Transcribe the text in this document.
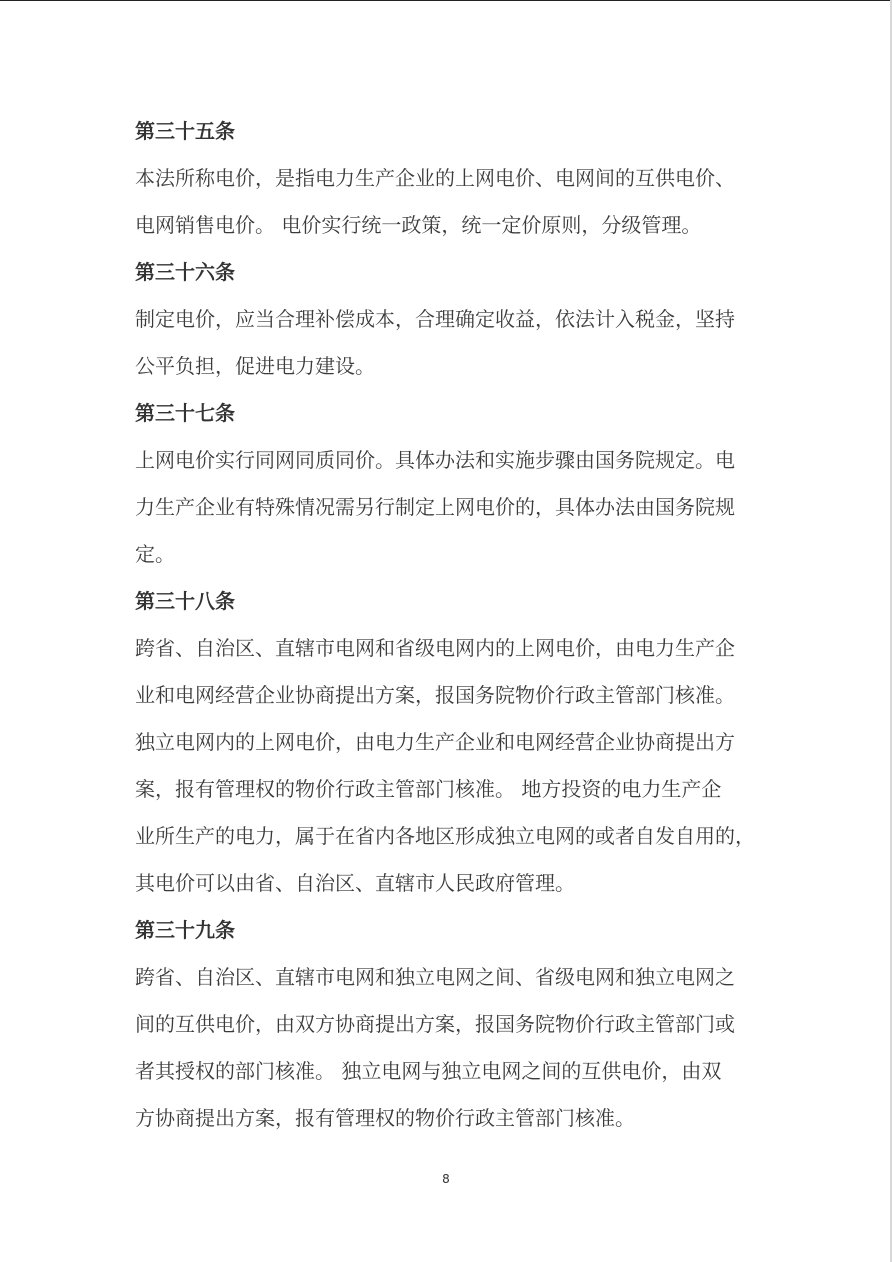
第三十五条
本法所称电价，是指电力生产企业的上网电价、电网间的互供电价、
电网销售电价。 电价实行统一政策，统一定价原则，分级管理。
第三十六条
制定电价，应当合理补偿成本，合理确定收益，依法计入税金，坚持
公平负担，促进电力建设。
第三十七条
上网电价实行同网同质同价。具体办法和实施步骤由国务院规定。电
力生产企业有特殊情况需另行制定上网电价的，具体办法由国务院规
定。
第三十八条
跨省、自治区、直辖市电网和省级电网内的上网电价，由电力生产企
业和电网经营企业协商提出方案，报国务院物价行政主管部门核准。
独立电网内的上网电价，由电力生产企业和电网经营企业协商提出方
案，报有管理权的物价行政主管部门核准。 地方投资的电力生产企
业所生产的电力，属于在省内各地区形成独立电网的或者自发自用的，
其电价可以由省、自治区、直辖市人民政府管理。
第三十九条
跨省、自治区、直辖市电网和独立电网之间、省级电网和独立电网之
间的互供电价，由双方协商提出方案，报国务院物价行政主管部门或
者其授权的部门核准。 独立电网与独立电网之间的互供电价，由双
方协商提出方案，报有管理权的物价行政主管部门核准。
8
